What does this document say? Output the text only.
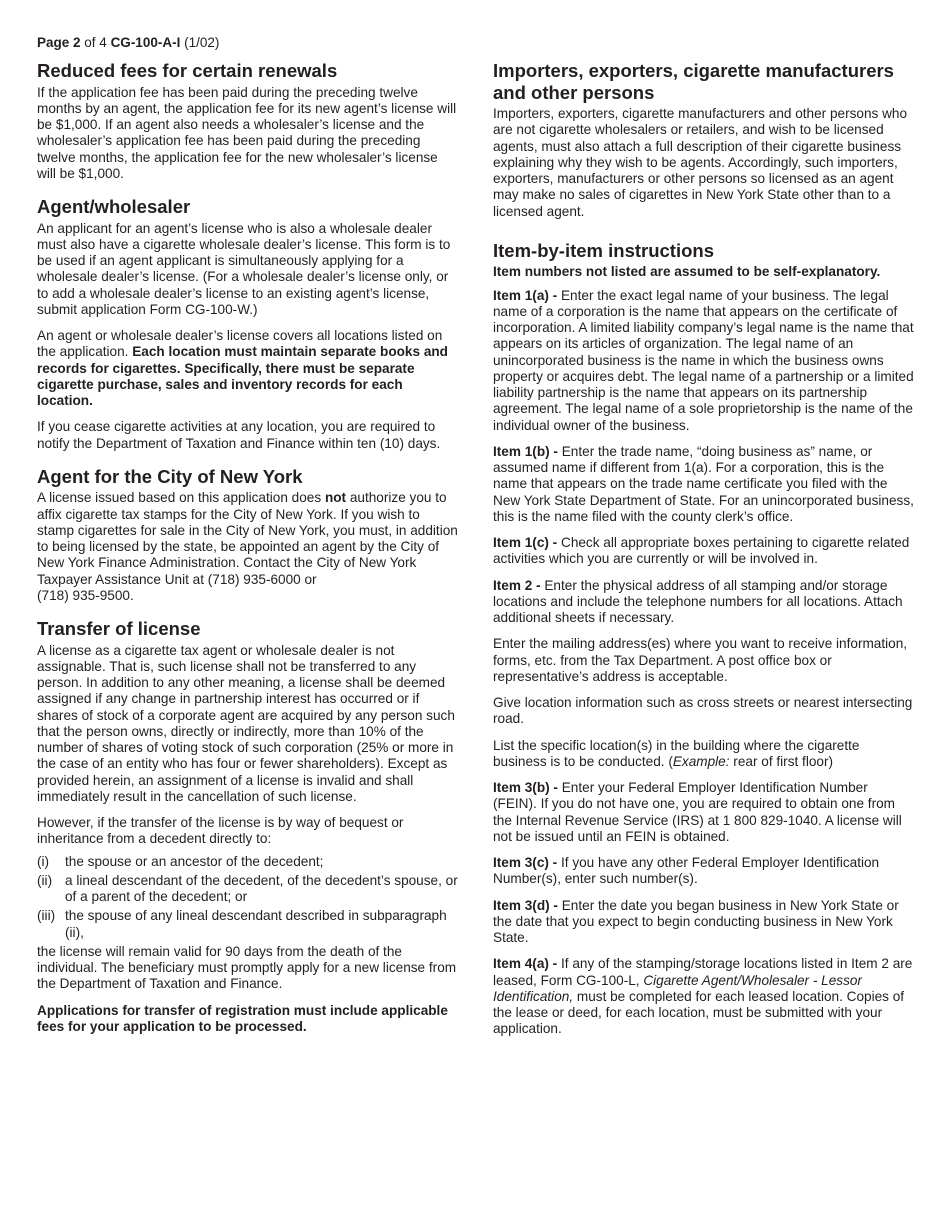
Page 2 of 4 CG-100-A-I (1/02)
Reduced fees for certain renewals

If the application fee has been paid during the preceding twelve months by an agent, the application fee for its new agent’s license will be $1,000. If an agent also needs a wholesaler’s license and the wholesaler’s application fee has been paid during the preceding twelve months, the application fee for the new wholesaler’s license will be $1,000.

Agent/wholesaler

An applicant for an agent’s license who is also a wholesale dealer must also have a cigarette wholesale dealer’s license. This form is to be used if an agent applicant is simultaneously applying for a wholesale dealer’s license. (For a wholesale dealer’s license only, or to add a wholesale dealer’s license to an existing agent’s license, submit application Form CG-100-W.)

An agent or wholesale dealer’s license covers all locations listed on the application. Each location must maintain separate books and records for cigarettes. Specifically, there must be separate cigarette purchase, sales and inventory records for each location.

If you cease cigarette activities at any location, you are required to notify the Department of Taxation and Finance within ten (10) days.

Agent for the City of New York

A license issued based on this application does not authorize you to affix cigarette tax stamps for the City of New York. If you wish to stamp cigarettes for sale in the City of New York, you must, in addition to being licensed by the state, be appointed an agent by the City of New York Finance Administration. Contact the City of New York Taxpayer Assistance Unit at (718) 935-6000 or
(718) 935-9500.

Transfer of license

A license as a cigarette tax agent or wholesale dealer is not assignable. That is, such license shall not be transferred to any person. In addition to any other meaning, a license shall be deemed assigned if any change in partnership interest has occurred or if shares of stock of a corporate agent are acquired by any person such that the person owns, directly or indirectly, more than 10% of the number of shares of voting stock of such corporation (25% or more in the case of an entity who has four or fewer shareholders). Except as provided herein, an assignment of a license is invalid and shall immediately result in the cancellation of such license.

However, if the transfer of the license is by way of bequest or inheritance from a decedent directly to:

(i) the spouse or an ancestor of the decedent;
(ii) a lineal descendant of the decedent, of the decedent’s spouse, or of a parent of the decedent; or
(iii) the spouse of any lineal descendant described in subparagraph (ii),

the license will remain valid for 90 days from the death of the individual. The beneficiary must promptly apply for a new license from the Department of Taxation and Finance.

Applications for transfer of registration must include applicable fees for your application to be processed.

Importers, exporters, cigarette manufacturers and other persons

Importers, exporters, cigarette manufacturers and other persons who are not cigarette wholesalers or retailers, and wish to be licensed agents, must also attach a full description of their cigarette business explaining why they wish to be agents. Accordingly, such importers, exporters, manufacturers or other persons so licensed as an agent may make no sales of cigarettes in New York State other than to a licensed agent.

Item-by-item instructions
Item numbers not listed are assumed to be self-explanatory.

Item 1(a) - Enter the exact legal name of your business. The legal name of a corporation is the name that appears on the certificate of incorporation. A limited liability company’s legal name is the name that appears on its articles of organization. The legal name of an unincorporated business is the name in which the business owns property or acquires debt. The legal name of a partnership or a limited liability partnership is the name that appears on its partnership agreement. The legal name of a sole proprietorship is the name of the individual owner of the business.

Item 1(b) - Enter the trade name, “doing business as” name, or assumed name if different from 1(a). For a corporation, this is the name that appears on the trade name certificate you filed with the New York State Department of State. For an unincorporated business, this is the name filed with the county clerk’s office.

Item 1(c) - Check all appropriate boxes pertaining to cigarette related activities which you are currently or will be involved in.

Item 2 - Enter the physical address of all stamping and/or storage locations and include the telephone numbers for all locations. Attach additional sheets if necessary.

Enter the mailing address(es) where you want to receive information, forms, etc. from the Tax Department. A post office box or representative’s address is acceptable.

Give location information such as cross streets or nearest intersecting road.

List the specific location(s) in the building where the cigarette business is to be conducted. (Example: rear of first floor)

Item 3(b) - Enter your Federal Employer Identification Number (FEIN). If you do not have one, you are required to obtain one from the Internal Revenue Service (IRS) at 1 800 829-1040. A license will not be issued until an FEIN is obtained.

Item 3(c) - If you have any other Federal Employer Identification Number(s), enter such number(s).

Item 3(d) - Enter the date you began business in New York State or the date that you expect to begin conducting business in New York State.

Item 4(a) - If any of the stamping/storage locations listed in Item 2 are leased, Form CG-100-L, Cigarette Agent/Wholesaler - Lessor Identification, must be completed for each leased location. Copies of the lease or deed, for each location, must be submitted with your application.
